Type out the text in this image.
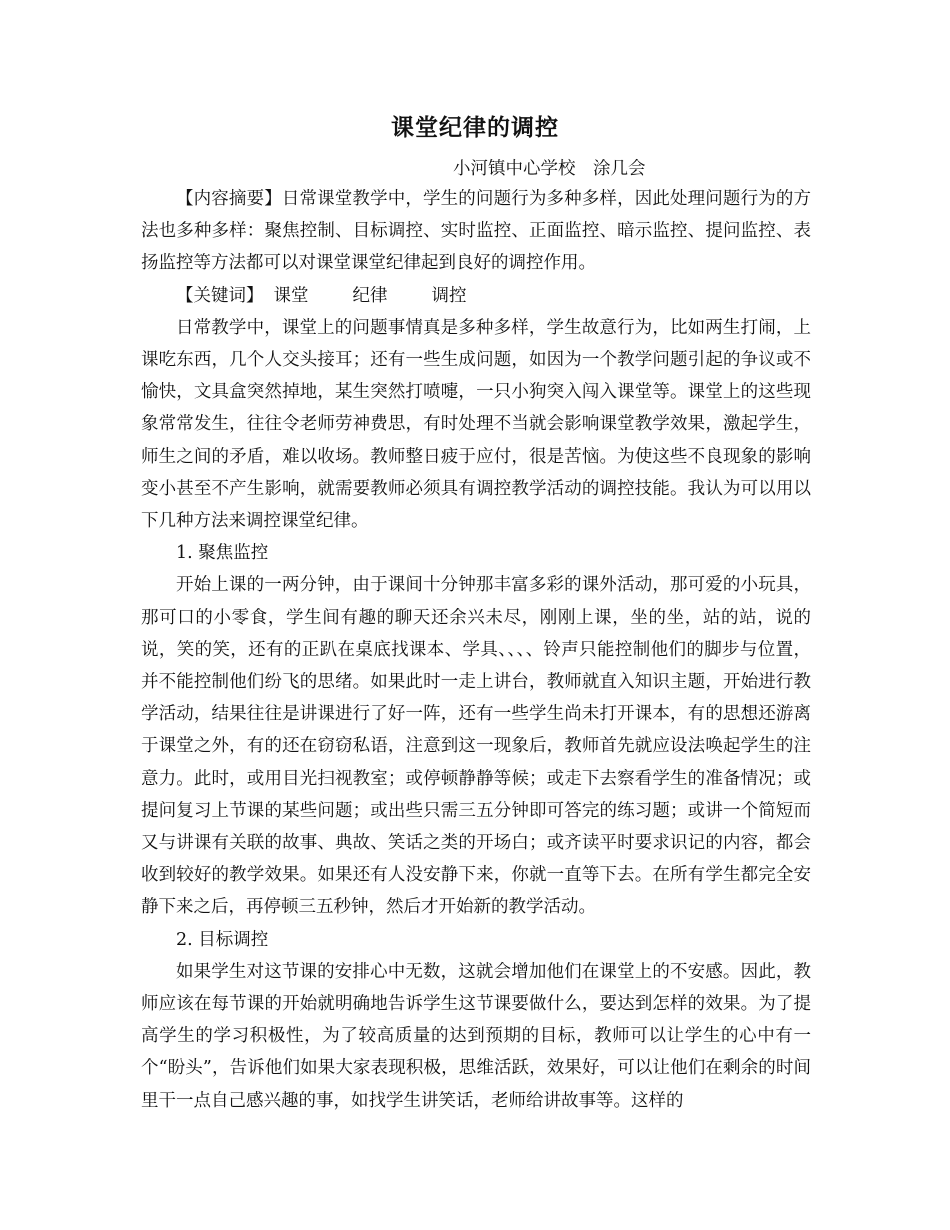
课堂纪律的调控
小河镇中心学校　涂几会

【内容摘要】日常课堂教学中，学生的问题行为多种多样，因此处理问题行为的方法也多种多样：聚焦控制、目标调控、实时监控、正面监控、暗示监控、提问监控、表扬监控等方法都可以对课堂课堂纪律起到良好的调控作用。

【关键词】 课堂	纪律	调控

日常教学中，课堂上的问题事情真是多种多样，学生故意行为，比如两生打闹，上课吃东西，几个人交头接耳；还有一些生成问题，如因为一个教学问题引起的争议或不愉快，文具盒突然掉地，某生突然打喷嚏，一只小狗突入闯入课堂等。课堂上的这些现象常常发生，往往令老师劳神费思，有时处理不当就会影响课堂教学效果，激起学生，师生之间的矛盾，难以收场。教师整日疲于应付，很是苦恼。为使这些不良现象的影响变小甚至不产生影响，就需要教师必须具有调控教学活动的调控技能。我认为可以用以下几种方法来调控课堂纪律。

1. 聚焦监控

开始上课的一两分钟，由于课间十分钟那丰富多彩的课外活动，那可爱的小玩具，那可口的小零食，学生间有趣的聊天还余兴未尽，刚刚上课，坐的坐，站的站，说的说，笑的笑，还有的正趴在桌底找课本、学具、、、、铃声只能控制他们的脚步与位置，并不能控制他们纷飞的思绪。如果此时一走上讲台，教师就直入知识主题，开始进行教学活动，结果往往是讲课进行了好一阵，还有一些学生尚未打开课本，有的思想还游离于课堂之外，有的还在窃窃私语，注意到这一现象后，教师首先就应设法唤起学生的注意力。此时，或用目光扫视教室；或停顿静静等候；或走下去察看学生的准备情况；或提问复习上节课的某些问题；或出些只需三五分钟即可答完的练习题；或讲一个简短而又与讲课有关联的故事、典故、笑话之类的开场白；或齐读平时要求识记的内容，都会收到较好的教学效果。如果还有人没安静下来，你就一直等下去。在所有学生都完全安静下来之后，再停顿三五秒钟，然后才开始新的教学活动。

2. 目标调控

如果学生对这节课的安排心中无数，这就会增加他们在课堂上的不安感。因此，教师应该在每节课的开始就明确地告诉学生这节课要做什么，要达到怎样的效果。为了提高学生的学习积极性，为了较高质量的达到预期的目标，教师可以让学生的心中有一个“盼头”，告诉他们如果大家表现积极，思维活跃，效果好，可以让他们在剩余的时间里干一点自己感兴趣的事，如找学生讲笑话，老师给讲故事等。这样的
